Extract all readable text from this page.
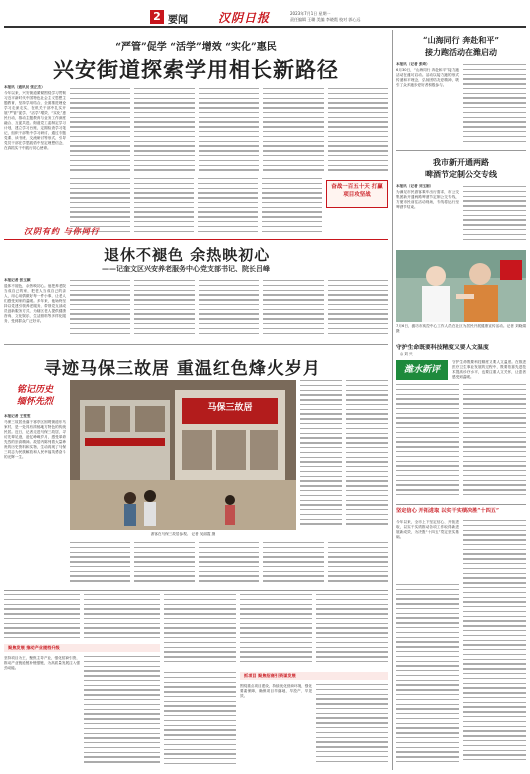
2 要闻	汉阴日报	2023年7月1日 星期一
责任编辑 王璐 美编 李晓霞 校对 郭心远
“严管”促学 “活学”增效 “实化”惠民
兴安街道探索学用相长新路径
本报讯（通讯员 张正杰）
今年以来，兴安街道紧紧围绕学习贯彻习近平新时代中国特色社会主义思想主题教育，坚持学用结合，全面推进理论学习走深走实，在机关干部中扎实开展“严管”促学、“活学”增效、“实化”惠民行动，推动主题教育与业务工作深度融合、互促共进。街道党工委制定学习计划，建立学习台账，定期检查学习笔记，组织干部集中学习研讨，通过专题党课、读书班、交流研讨等形式，引导党员干部在学思践悟中坚定理想信念，在真抓实干中践行初心使命。
奋战一百五十天 打赢项目攻坚战
汉阴有约 与你同行
退休不褪色 余热映初心
——记奎文区兴安养老服务中心党支部书记、院长吕峰
本报记者 张玉颖
退休不褪色，余热映初心。他把养老院当成自己的家，把老人当成自己的亲人，用心用情做好每一件小事，让老人们感受到家的温暖。多年来，他始终坚持以党建引领养老服务，带领党支部成员创新服务方式，为辖区老人提供健康咨询、文化娱乐、生活照料等多样化服务，受到群众广泛好评。
寻迹马保三故居 重温红色烽火岁月
铭记历史
缅怀先烈
本报记者 王雯雯
马保三故居坐落于寒亭区固堤街道东马家村，是一处具有浓郁地方特色的传统民居。近日，记者走进马保三故居，寻访先辈足迹，追忆峥嵘岁月，感受革命先烈的崇高精神。故居内陈列着大量珍贵的历史资料和实物，生动再现了马保三同志为民族解放和人民幸福英勇奋斗的光辉一生。
马保三故居
游客在马保三故居参观。 记者 吴丽霞 摄
聚焦发展 推动产业提档升级
坚持项目为王，聚焦主导产业，强化招商引资，推动产业链延链补链强链，为高质量发展注入强劲动能。
抓项目 聚焦招商引资谋发展
围绕重点项目建设，持续优化营商环境，强化要素保障，确保项目早落地、早投产、早见效。
“山海同行 奔赴和平”
接力跑活动在潍启动
本报讯（记者 张琦）
6月30日，“山海同行 奔赴和平”接力跑活动在潍坊启动。活动以接力跑的形式传递和平理念，弘扬团结友爱精神，吸引了众多跑步爱好者积极参与。
我市新开通两路
啤酒节定制公交专线
本报讯（记者 刘玉娟）
为满足市民游客乘车出行需求，市公交集团新开通两路啤酒节定制公交专线，方便市民前往活动现场，专线将运行至啤酒节结束。
7月6日，潍坊市疾控中心工作人员在社区为居民开展健康宣传活动。记者 刘晓娟 摄
守护生命既要科技精度又要人文温度
◎ 刘 兴
潍水新评
守护生命既要科技精度又要人文温度。在推进医疗卫生事业发展的过程中，既要依靠先进技术提高诊疗水平，也要注重人文关怀，让患者感受到温暖。
坚定信心 开拓进取 以实干实绩决胜“十四五”
今年以来，全市上下坚定信心、开拓进取，以实干实绩推动各项工作取得新进展新成效，为决胜“十四五”奠定坚实基础。
